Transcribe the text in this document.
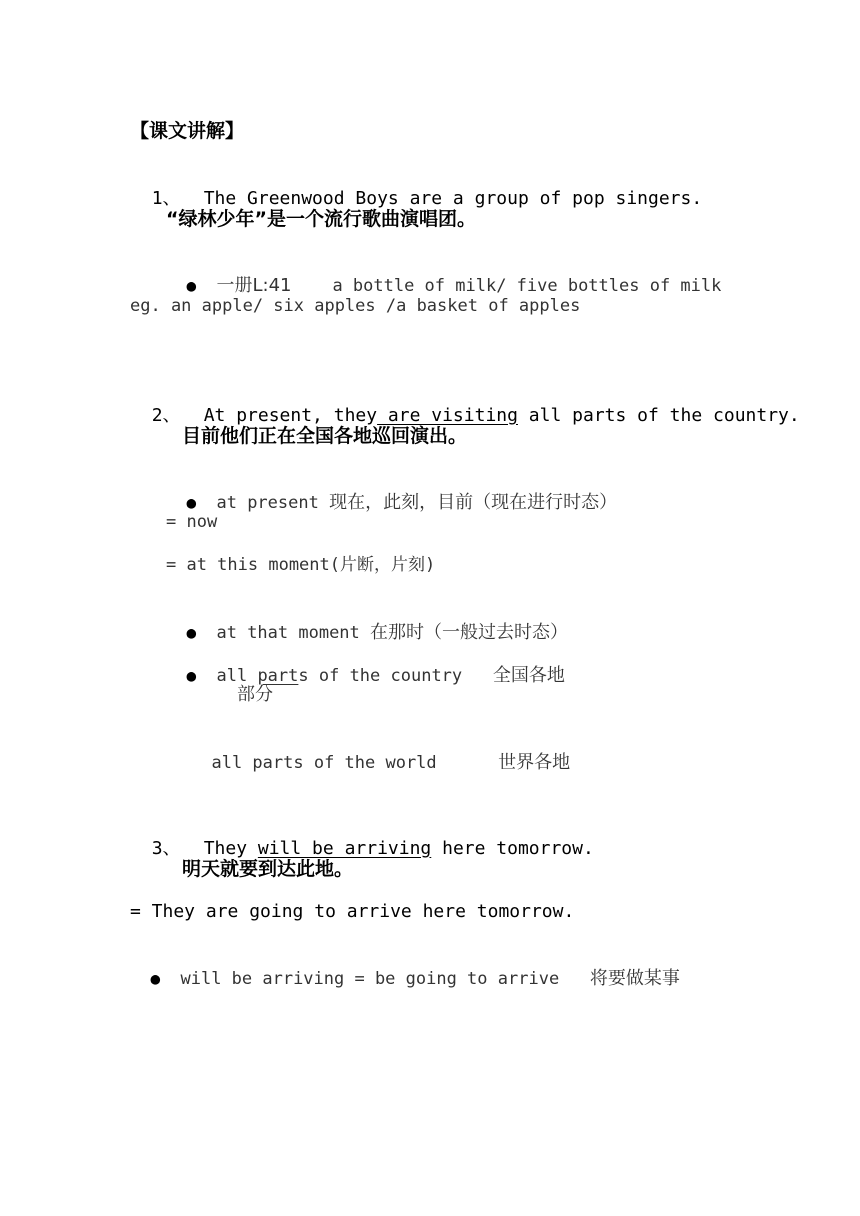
【课文讲解】

1、 The Greenwood Boys are a group of pop singers.

“绿林少年”是一个流行歌曲演唱团。

● 一册L:41 a bottle of milk/ five bottles of milk

eg. an apple/ six apples /a basket of apples

2、 At present, they are visiting all parts of the country.

目前他们正在全国各地巡回演出。

● at present 现在，此刻，目前（现在进行时态）

= now
= at this moment(片断，片刻)

● at that moment 在那时（一般过去时态）

● all parts of the country 全国各地

部分

all parts of the world	世界各地

3、 They will be arriving here tomorrow.

明天就要到达此地。
= They are going to arrive here tomorrow.

● will be arriving = be going to arrive 将要做某事
